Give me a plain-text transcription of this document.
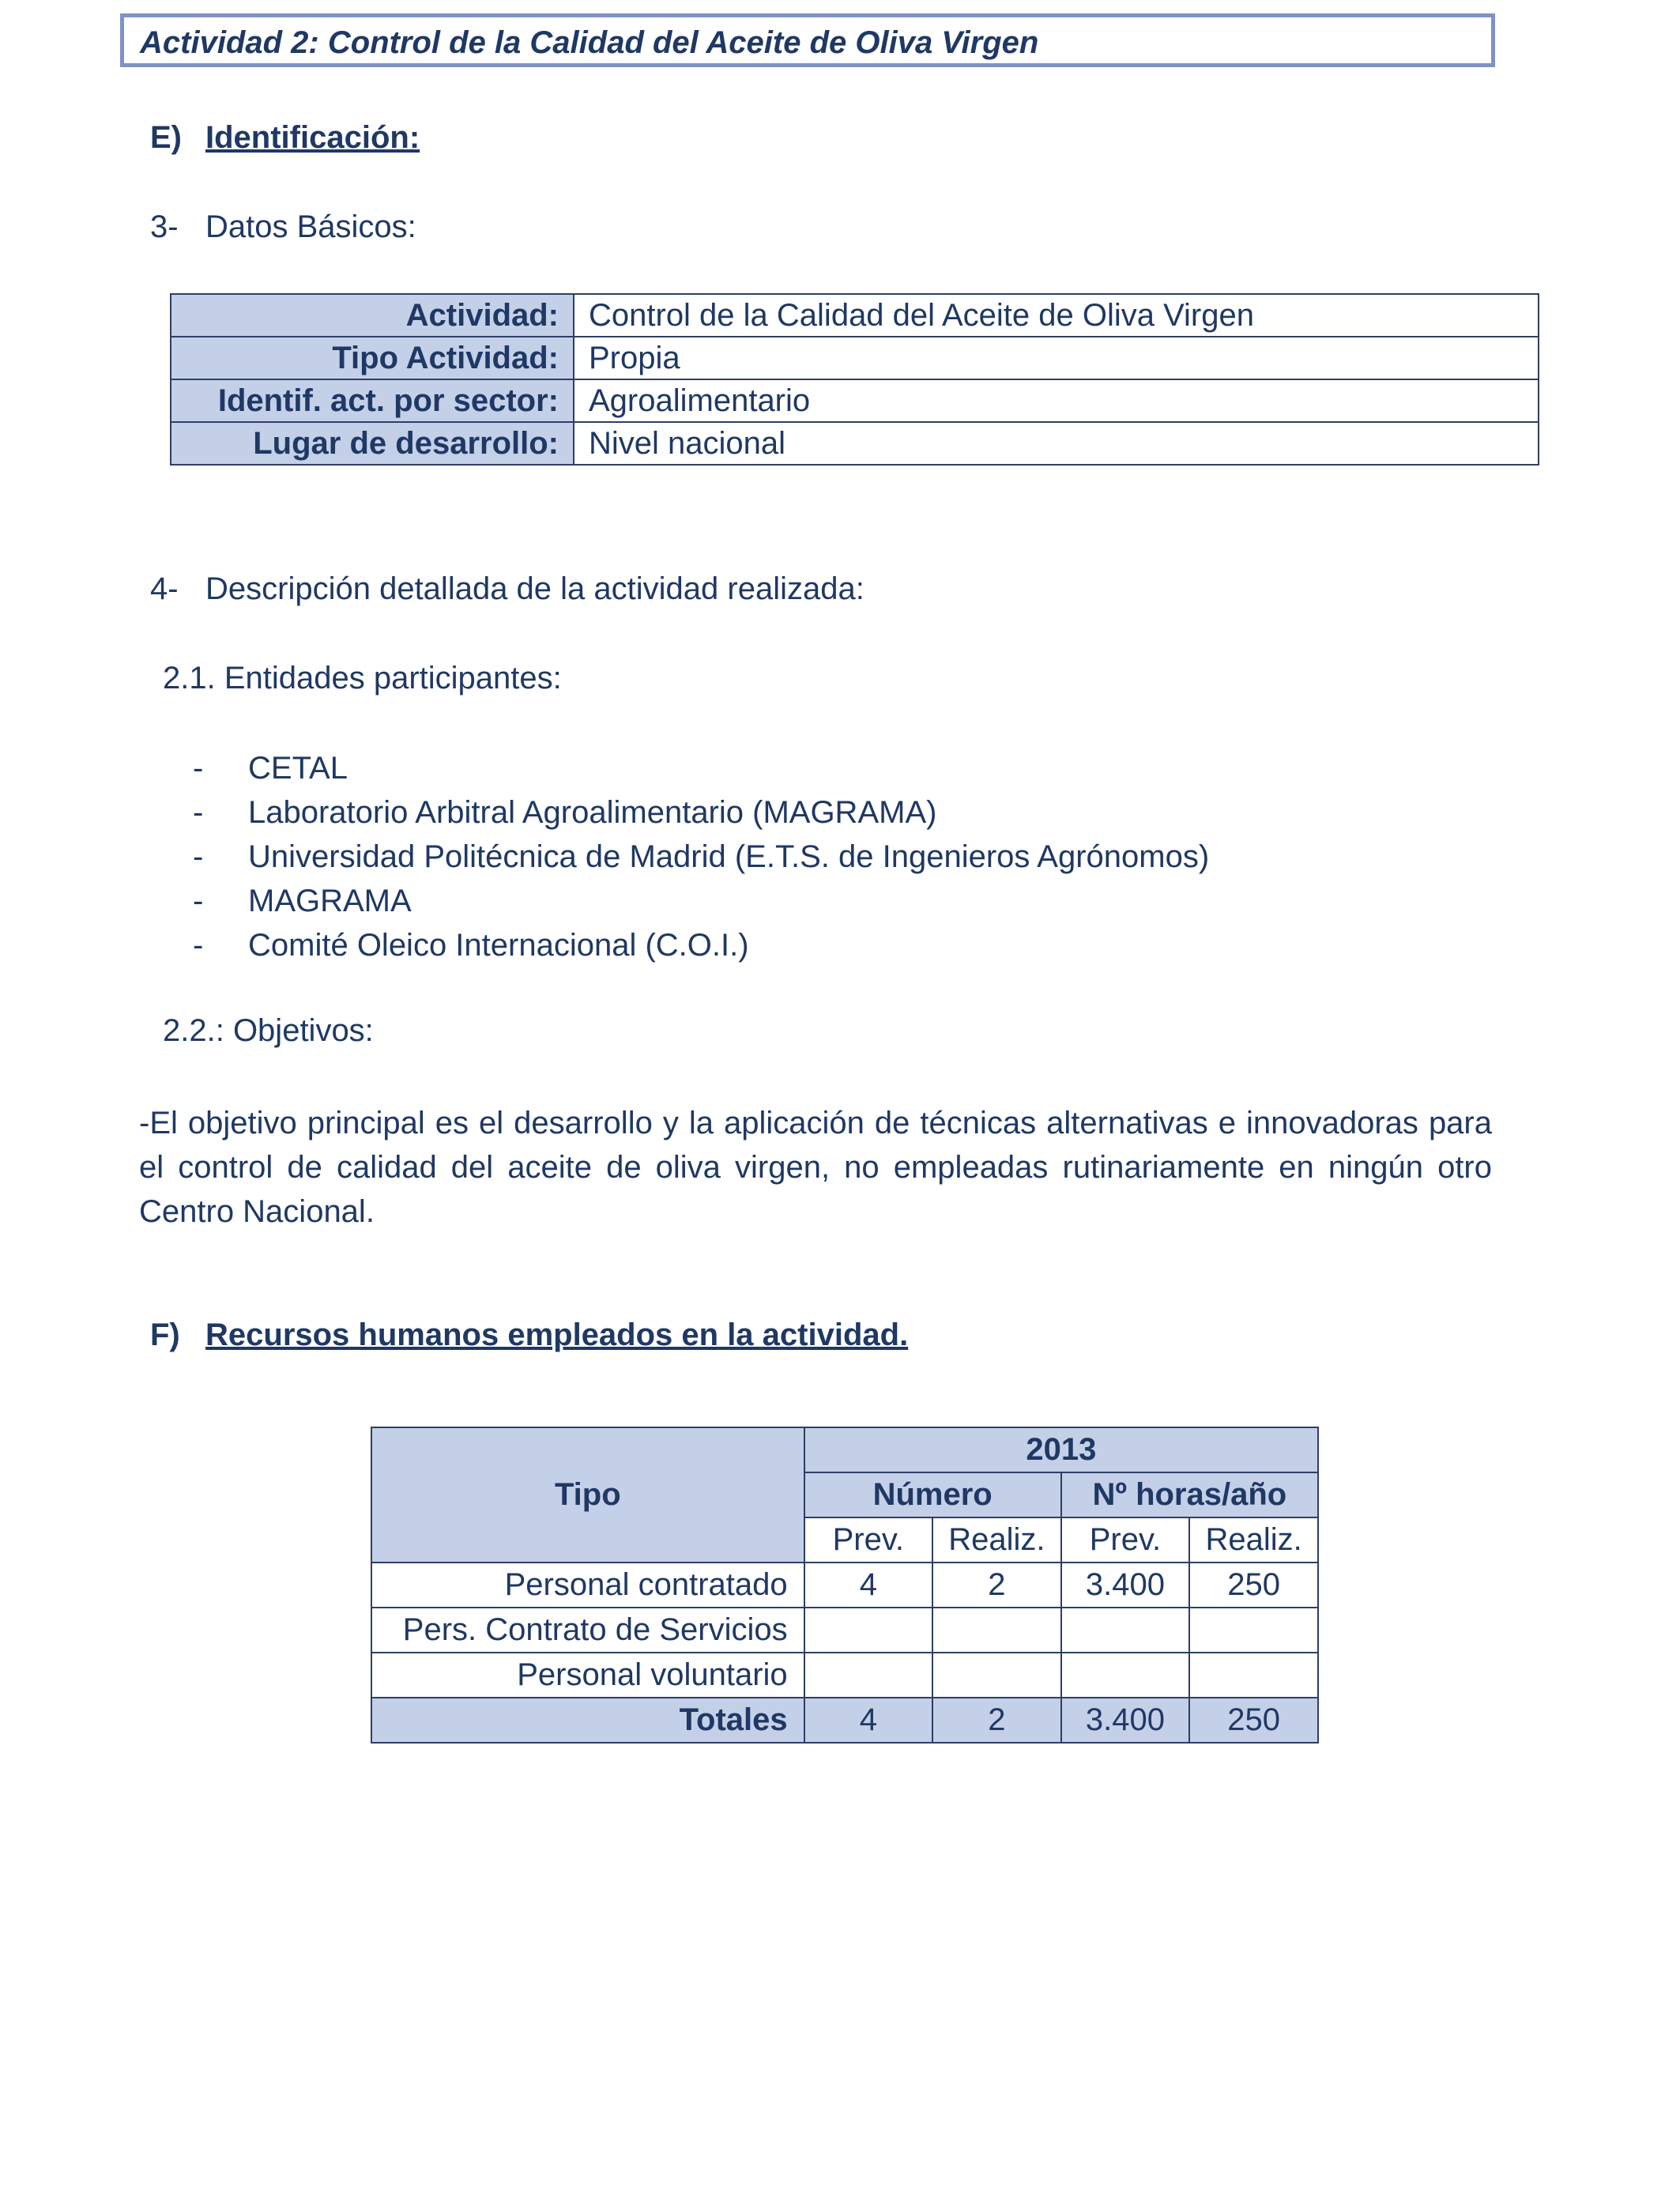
Actividad 2: Control de la Calidad del Aceite de Oliva Virgen
E) Identificación:
3- Datos Básicos:
Actividad:	Control de la Calidad del Aceite de Oliva Virgen
Tipo Actividad:	Propia
Identif. act. por sector:	Agroalimentario
Lugar de desarrollo:	Nivel nacional
4- Descripción detallada de la actividad realizada:
2.1. Entidades participantes:
- CETAL
- Laboratorio Arbitral Agroalimentario (MAGRAMA)
- Universidad Politécnica de Madrid (E.T.S. de Ingenieros Agrónomos)
- MAGRAMA
- Comité Oleico Internacional (C.O.I.)
2.2.: Objetivos:
-El objetivo principal es el desarrollo y la aplicación de técnicas alternativas e innovadoras para el control de calidad del aceite de oliva virgen, no empleadas rutinariamente en ningún otro Centro Nacional.
F) Recursos humanos empleados en la actividad.
Tipo	2013			
	Número		Nº horas/año	
	Prev.	Realiz.	Prev.	Realiz.
Personal contratado	4	2	3.400	250
Pers. Contrato de Servicios				
Personal voluntario				
Totales	4	2	3.400	250
